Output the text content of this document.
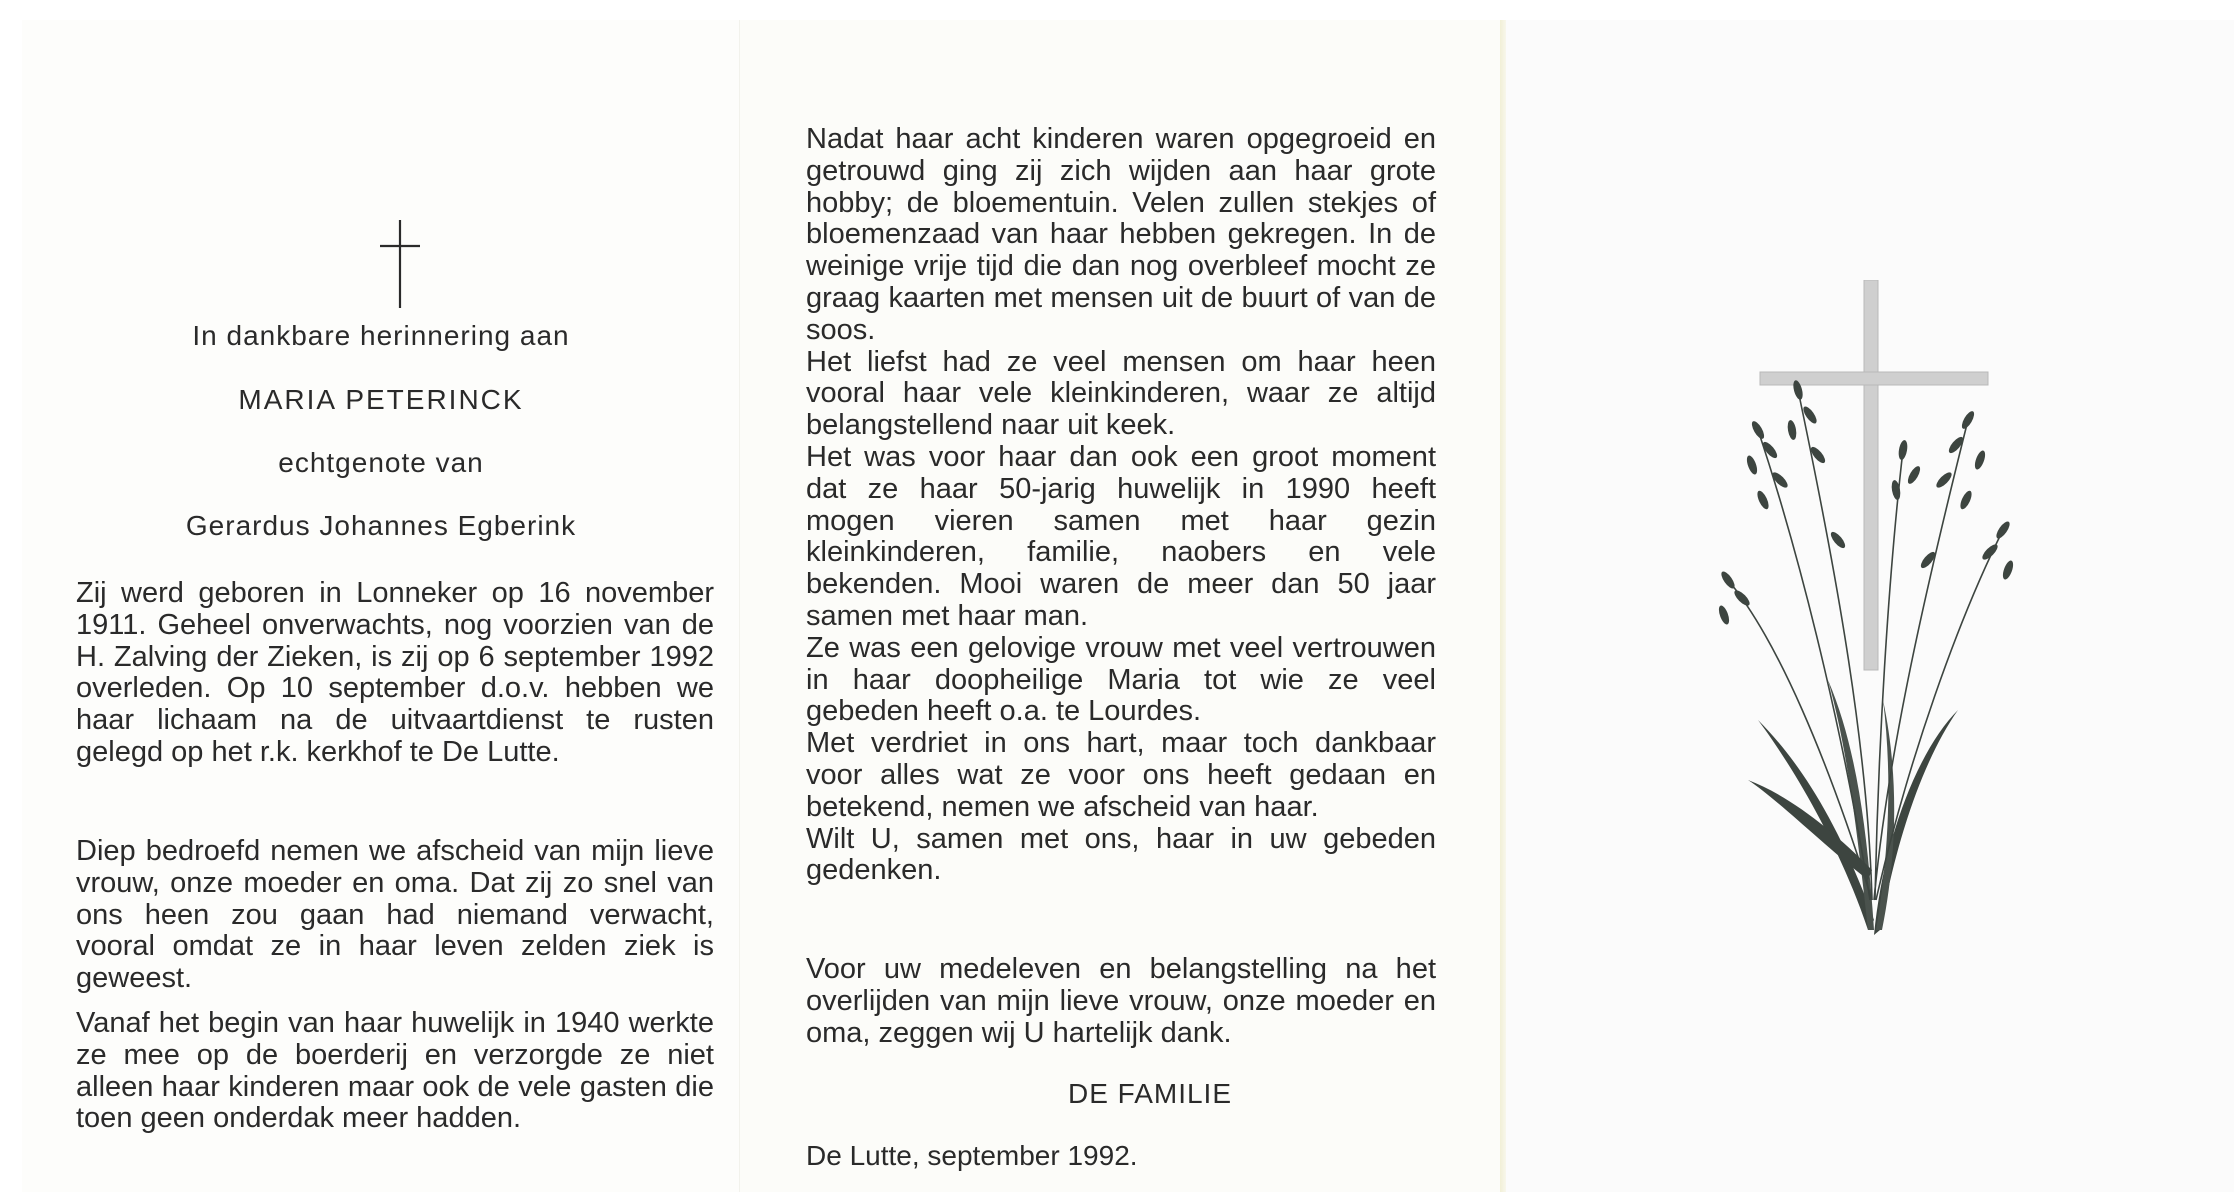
In dankbare herinnering aan
MARIA PETERINCK
echtgenote van
Gerardus Johannes Egberink

Zij werd geboren in Lonneker op 16 november 1911. Geheel onverwachts, nog voorzien van de H. Zalving der Zieken, is zij op 6 september 1992 overleden. Op 10 september d.o.v. hebben we haar lichaam na de uitvaartdienst te rusten gelegd op het r.k. kerkhof te De Lutte.

Diep bedroefd nemen we afscheid van mijn lieve vrouw, onze moeder en oma. Dat zij zo snel van ons heen zou gaan had niemand verwacht, vooral omdat ze in haar leven zelden ziek is geweest.

Vanaf het begin van haar huwelijk in 1940 werkte ze mee op de boerderij en verzorgde ze niet alleen haar kinderen maar ook de vele gasten die toen geen onderdak meer hadden.

Nadat haar acht kinderen waren opgegroeid en getrouwd ging zij zich wijden aan haar grote hobby; de bloementuin. Velen zullen stekjes of bloemenzaad van haar hebben gekregen. In de weinige vrije tijd die dan nog overbleef mocht ze graag kaarten met mensen uit de buurt of van de soos.

Het liefst had ze veel mensen om haar heen vooral haar vele kleinkinderen, waar ze altijd belangstellend naar uit keek.

Het was voor haar dan ook een groot moment dat ze haar 50-jarig huwelijk in 1990 heeft mogen vieren samen met haar gezin kleinkinderen, familie, naobers en vele bekenden. Mooi waren de meer dan 50 jaar samen met haar man.

Ze was een gelovige vrouw met veel vertrouwen in haar doopheilige Maria tot wie ze veel gebeden heeft o.a. te Lourdes.

Met verdriet in ons hart, maar toch dankbaar voor alles wat ze voor ons heeft gedaan en betekend, nemen we afscheid van haar.

Wilt U, samen met ons, haar in uw gebeden gedenken.

Voor uw medeleven en belangstelling na het overlijden van mijn lieve vrouw, onze moeder en oma, zeggen wij U hartelijk dank.

DE FAMILIE
De Lutte, september 1992.
